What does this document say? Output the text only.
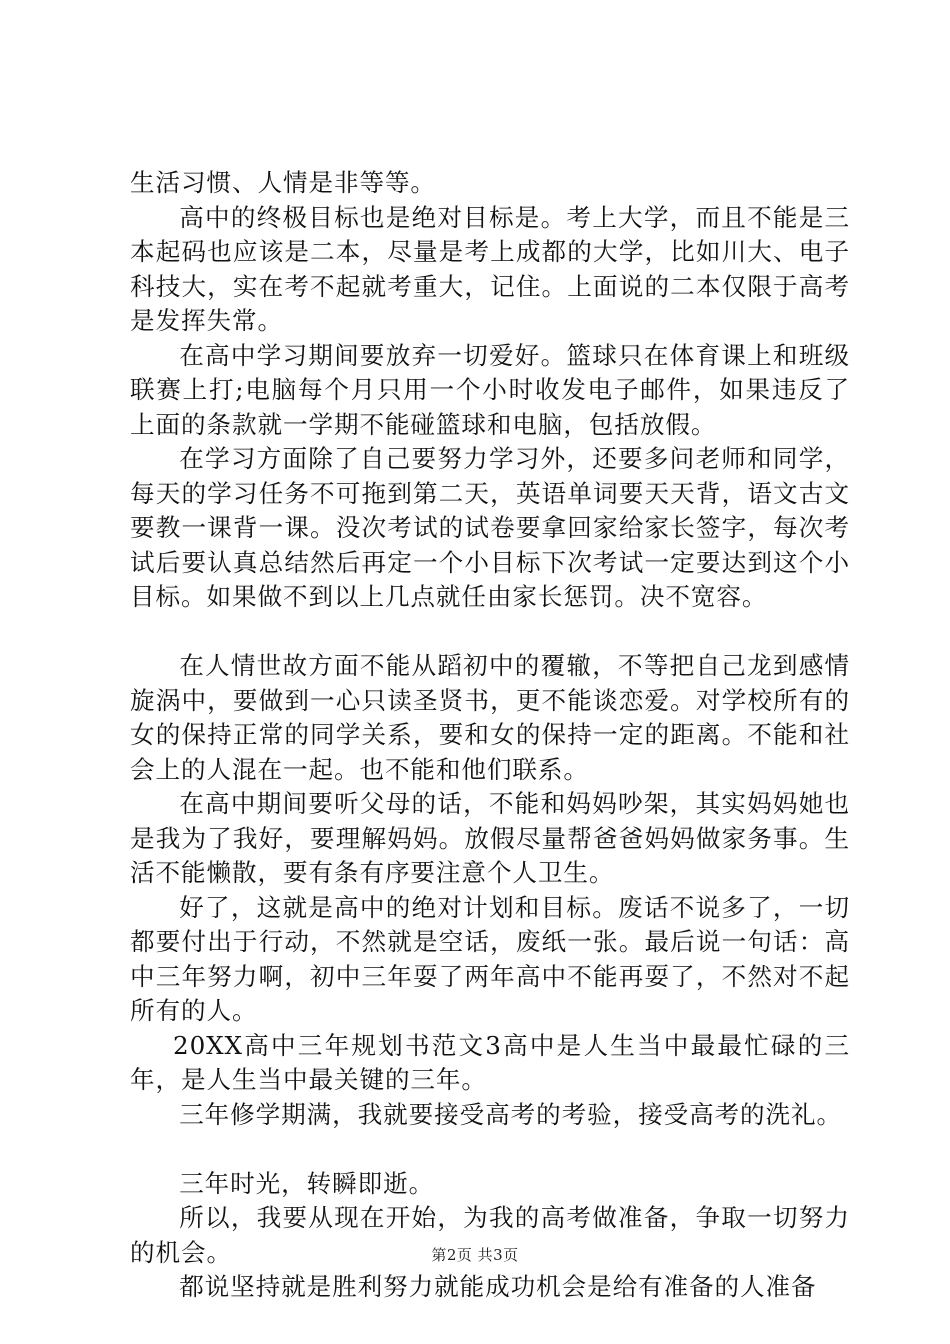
生活习惯、人情是非等等。

高中的终极目标也是绝对目标是。考上大学，而且不能是三本起码也应该是二本，尽量是考上成都的大学，比如川大、电子科技大，实在考不起就考重大，记住。上面说的二本仅限于高考是发挥失常。

在高中学习期间要放弃一切爱好。篮球只在体育课上和班级联赛上打;电脑每个月只用一个小时收发电子邮件，如果违反了上面的条款就一学期不能碰篮球和电脑，包括放假。

在学习方面除了自己要努力学习外，还要多问老师和同学，每天的学习任务不可拖到第二天，英语单词要天天背，语文古文要教一课背一课。没次考试的试卷要拿回家给家长签字，每次考试后要认真总结然后再定一个小目标下次考试一定要达到这个小目标。如果做不到以上几点就任由家长惩罚。决不宽容。

在人情世故方面不能从蹈初中的覆辙，不等把自己龙到感情旋涡中，要做到一心只读圣贤书，更不能谈恋爱。对学校所有的女的保持正常的同学关系，要和女的保持一定的距离。不能和社会上的人混在一起。也不能和他们联系。

在高中期间要听父母的话，不能和妈妈吵架，其实妈妈她也是我为了我好，要理解妈妈。放假尽量帮爸爸妈妈做家务事。生活不能懒散，要有条有序要注意个人卫生。

好了，这就是高中的绝对计划和目标。废话不说多了，一切都要付出于行动，不然就是空话，废纸一张。最后说一句话：高中三年努力啊，初中三年耍了两年高中不能再耍了，不然对不起所有的人。

20XX高中三年规划书范文3高中是人生当中最最忙碌的三年，是人生当中最关键的三年。

三年修学期满，我就要接受高考的考验，接受高考的洗礼。

三年时光，转瞬即逝。

所以，我要从现在开始，为我的高考做准备，争取一切努力的机会。

都说坚持就是胜利努力就能成功机会是给有准备的人准备

第2页 共3页
